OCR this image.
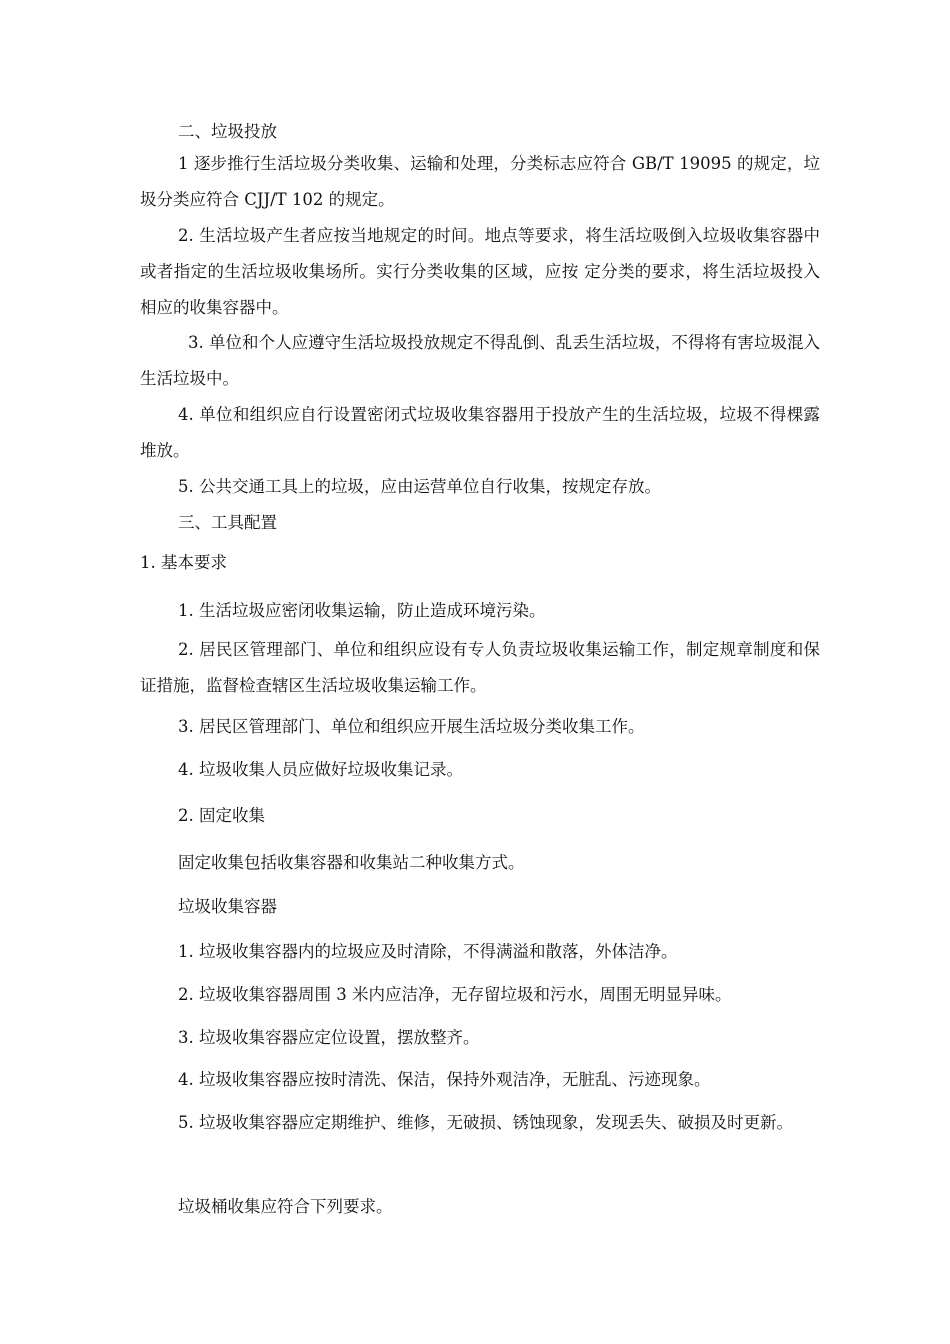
二、垃圾投放

1 逐步推行生活垃圾分类收集、运输和处理，分类标志应符合 GB/T 19095 的规定，垃圾分类应符合 CJJ/T 102 的规定。

2. 生活垃圾产生者应按当地规定的时间。地点等要求，将生活垃吸倒入垃圾收集容器中或者指定的生活垃圾收集场所。实行分类收集的区域，应按 定分类的要求，将生活垃圾投入相应的收集容器中。

3. 单位和个人应遵守生活垃圾投放规定不得乱倒、乱丢生活垃圾，不得将有害垃圾混入生活垃圾中。

4. 单位和组织应自行设置密闭式垃圾收集容器用于投放产生的生活垃圾，垃圾不得棵露堆放。

5. 公共交通工具上的垃圾，应由运营单位自行收集，按规定存放。

三、工具配置

1. 基本要求

1. 生活垃圾应密闭收集运输，防止造成环境污染。

2. 居民区管理部门、单位和组织应设有专人负责垃圾收集运输工作，制定规章制度和保证措施，监督检查辖区生活垃圾收集运输工作。

3. 居民区管理部门、单位和组织应开展生活垃圾分类收集工作。

4. 垃圾收集人员应做好垃圾收集记录。

2. 固定收集

固定收集包括收集容器和收集站二种收集方式。

垃圾收集容器

1. 垃圾收集容器内的垃圾应及时清除，不得满溢和散落，外体洁净。

2. 垃圾收集容器周围 3 米内应洁净，无存留垃圾和污水，周围无明显异味。

3. 垃圾收集容器应定位设置，摆放整齐。

4. 垃圾收集容器应按时清洗、保洁，保持外观洁净，无脏乱、污迹现象。

5. 垃圾收集容器应定期维护、维修，无破损、锈蚀现象，发现丢失、破损及时更新。

垃圾桶收集应符合下列要求。
